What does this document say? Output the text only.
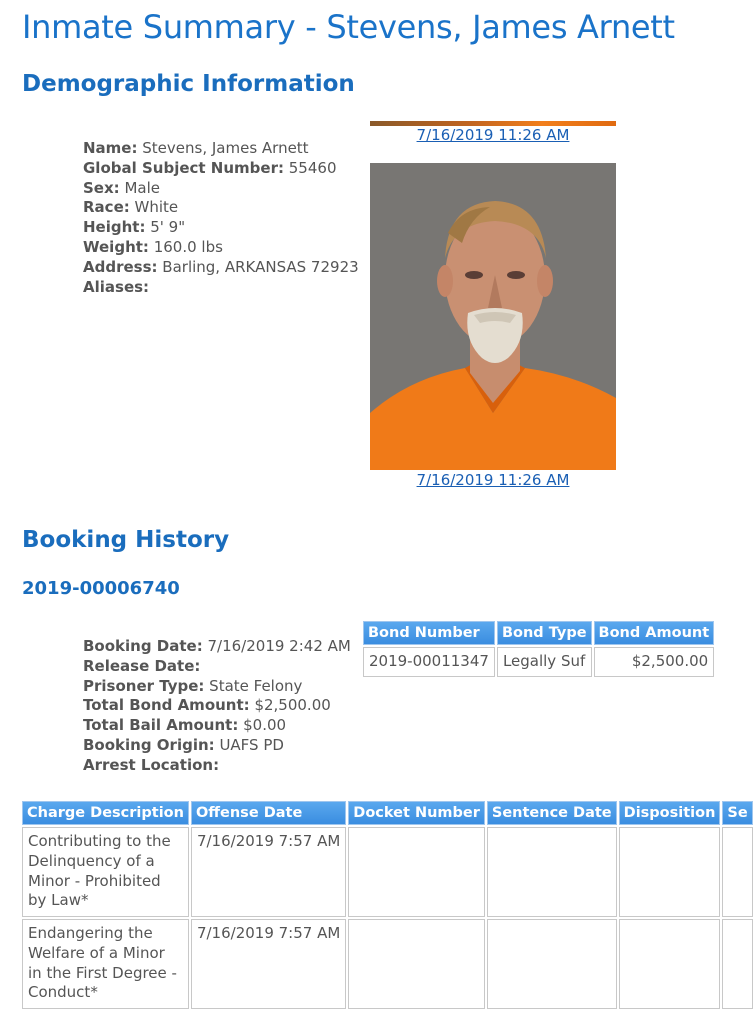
Inmate Summary - Stevens, James Arnett
Demographic Information
Name: Stevens, James Arnett
Global Subject Number: 55460
Sex: Male
Race: White
Height: 5' 9"
Weight: 160.0 lbs
Address: Barling, ARKANSAS 72923
Aliases:
7/16/2019 11:26 AM
7/16/2019 11:26 AM
Booking History
2019-00006740
Booking Date: 7/16/2019 2:42 AM
Release Date:
Prisoner Type: State Felony
Total Bond Amount: $2,500.00
Total Bail Amount: $0.00
Booking Origin: UAFS PD
Arrest Location:
Bond Number	Bond Type	Bond Amount
2019-00011347	Legally Suf	$2,500.00
Charge Description	Offense Date	Docket Number	Sentence Date	Disposition	Se
Contributing to the Delinquency of a Minor - Prohibited by Law*	7/16/2019 7:57 AM				
Endangering the Welfare of a Minor in the First Degree - Conduct*	7/16/2019 7:57 AM				
